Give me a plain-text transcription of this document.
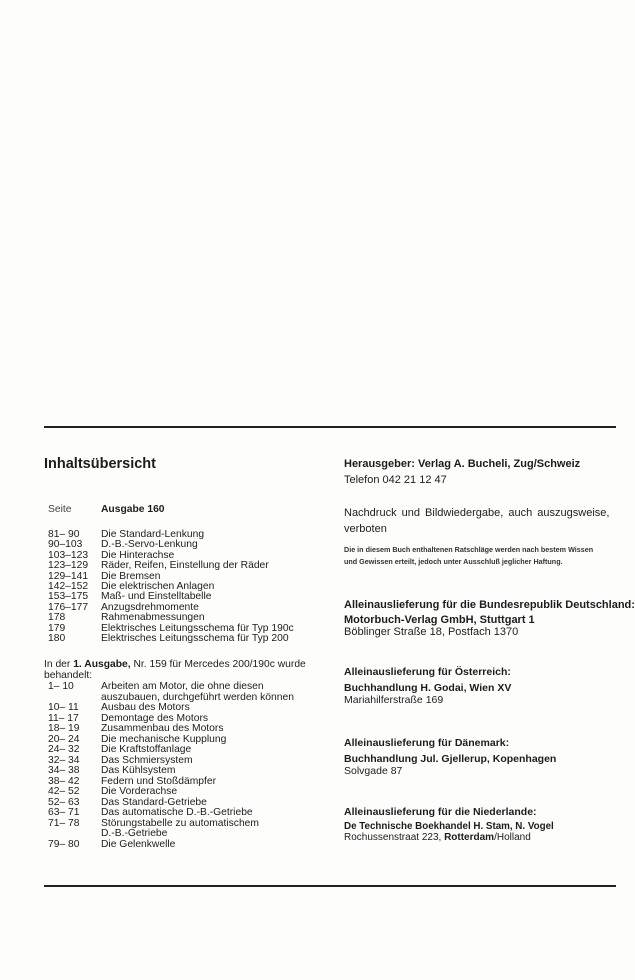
Inhaltsübersicht
Seite	Ausgabe 160
81– 90	Die Standard-Lenkung
90–103	D.-B.-Servo-Lenkung
103–123	Die Hinterachse
123–129	Räder, Reifen, Einstellung der Räder
129–141	Die Bremsen
142–152	Die elektrischen Anlagen
153–175	Maß- und Einstelltabelle
176–177	Anzugsdrehmomente
178	Rahmenabmessungen
179	Elektrisches Leitungsschema für Typ 190c
180	Elektrisches Leitungsschema für Typ 200
In der 1. Ausgabe, Nr. 159 für Mercedes 200/190c wurde
behandelt:
1– 10	Arbeiten am Motor, die ohne diesen
auszubauen, durchgeführt werden können
10– 11	Ausbau des Motors
11– 17	Demontage des Motors
18– 19	Zusammenbau des Motors
20– 24	Die mechanische Kupplung
24– 32	Die Kraftstoffanlage
32– 34	Das Schmiersystem
34– 38	Das Kühlsystem
38– 42	Federn und Stoßdämpfer
42– 52	Die Vorderachse
52– 63	Das Standard-Getriebe
63– 71	Das automatische D.-B.-Getriebe
71– 78	Störungstabelle zu automatischem
D.-B.-Getriebe
79– 80	Die Gelenkwelle
Herausgeber: Verlag A. Bucheli, Zug/Schweiz
Telefon 042 21 12 47
Nachdruck und Bildwiedergabe, auch auszugsweise,
verboten
Die in diesem Buch enthaltenen Ratschläge werden nach bestem Wissen
und Gewissen erteilt, jedoch unter Ausschluß jeglicher Haftung.
Alleinauslieferung für die Bundesrepublik Deutschland:
Motorbuch-Verlag GmbH, Stuttgart 1
Böblinger Straße 18, Postfach 1370
Alleinauslieferung für Österreich:
Buchhandlung H. Godai, Wien XV
Mariahilferstraße 169
Alleinauslieferung für Dänemark:
Buchhandlung Jul. Gjellerup, Kopenhagen
Solvgade 87
Alleinauslieferung für die Niederlande:
De Technische Boekhandel H. Stam, N. Vogel
Rochussenstraat 223, Rotterdam/Holland
